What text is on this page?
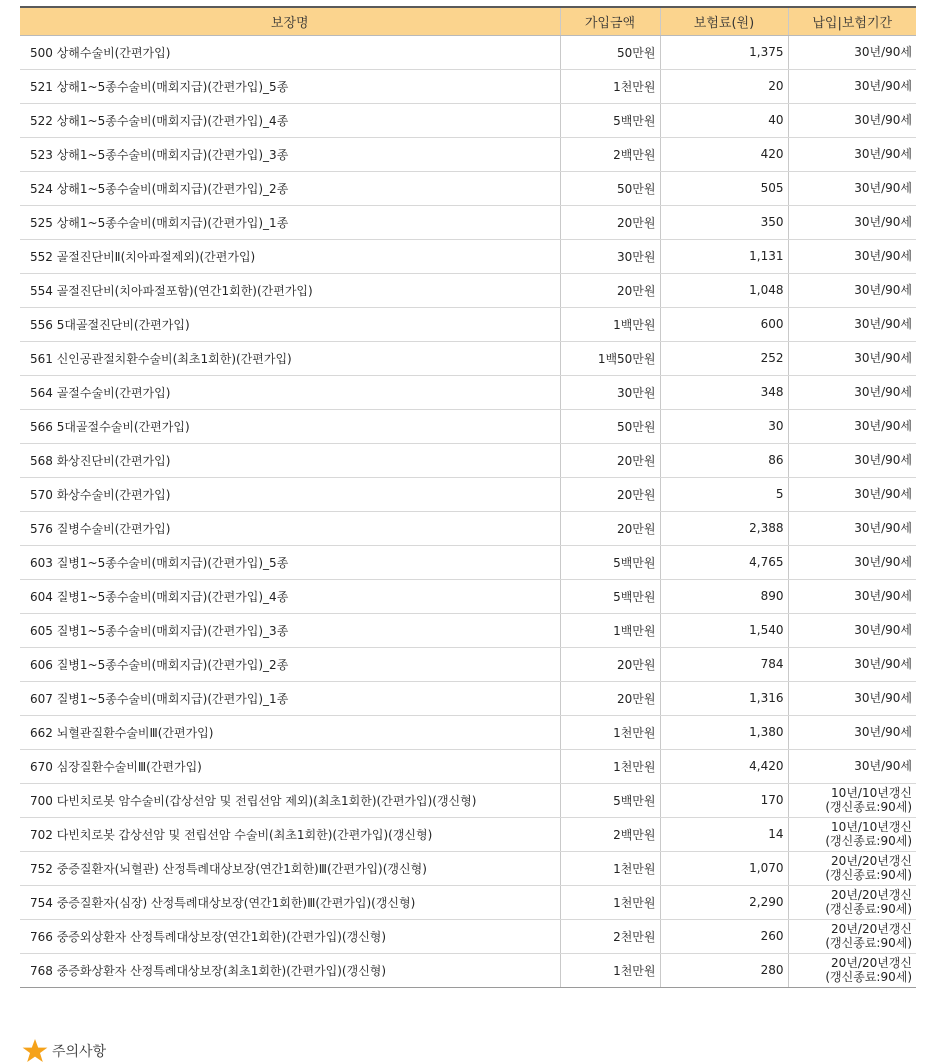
보장명	가입금액	보험료(원)	납입|보험기간
500 상해수술비(간편가입)	50만원	1,375	30년/90세

521 상해1~5종수술비(매회지급)(간편가입)_5종	1천만원	20	30년/90세

522 상해1~5종수술비(매회지급)(간편가입)_4종	5백만원	40	30년/90세

523 상해1~5종수술비(매회지급)(간편가입)_3종	2백만원	420	30년/90세

524 상해1~5종수술비(매회지급)(간편가입)_2종	50만원	505	30년/90세

525 상해1~5종수술비(매회지급)(간편가입)_1종	20만원	350	30년/90세

552 골절진단비Ⅱ(치아파절제외)(간편가입)	30만원	1,131	30년/90세

554 골절진단비(치아파절포함)(연간1회한)(간편가입)	20만원	1,048	30년/90세

556 5대골절진단비(간편가입)	1백만원	600	30년/90세

561 신인공관절치환수술비(최초1회한)(간편가입)	1백50만원	252	30년/90세

564 골절수술비(간편가입)	30만원	348	30년/90세

566 5대골절수술비(간편가입)	50만원	30	30년/90세

568 화상진단비(간편가입)	20만원	86	30년/90세

570 화상수술비(간편가입)	20만원	5	30년/90세

576 질병수술비(간편가입)	20만원	2,388	30년/90세

603 질병1~5종수술비(매회지급)(간편가입)_5종	5백만원	4,765	30년/90세

604 질병1~5종수술비(매회지급)(간편가입)_4종	5백만원	890	30년/90세

605 질병1~5종수술비(매회지급)(간편가입)_3종	1백만원	1,540	30년/90세

606 질병1~5종수술비(매회지급)(간편가입)_2종	20만원	784	30년/90세

607 질병1~5종수술비(매회지급)(간편가입)_1종	20만원	1,316	30년/90세

662 뇌혈관질환수술비Ⅲ(간편가입)	1천만원	1,380	30년/90세

670 심장질환수술비Ⅲ(간편가입)	1천만원	4,420	30년/90세

700 다빈치로봇 암수술비(갑상선암 및 전립선암 제외)(최초1회한)(간편가입)(갱신형)	5백만원	170	10년/10년갱신
(갱신종료:90세)

702 다빈치로봇 갑상선암 및 전립선암 수술비(최초1회한)(간편가입)(갱신형)	2백만원	14	10년/10년갱신
(갱신종료:90세)

752 중증질환자(뇌혈관) 산정특례대상보장(연간1회한)Ⅲ(간편가입)(갱신형)	1천만원	1,070	20년/20년갱신
(갱신종료:90세)

754 중증질환자(심장) 산정특례대상보장(연간1회한)Ⅲ(간편가입)(갱신형)	1천만원	2,290	20년/20년갱신
(갱신종료:90세)

766 중증외상환자 산정특례대상보장(연간1회한)(간편가입)(갱신형)	2천만원	260	20년/20년갱신
(갱신종료:90세)

768 중증화상환자 산정특례대상보장(최초1회한)(간편가입)(갱신형)	1천만원	280	20년/20년갱신
(갱신종료:90세)
주의사항
